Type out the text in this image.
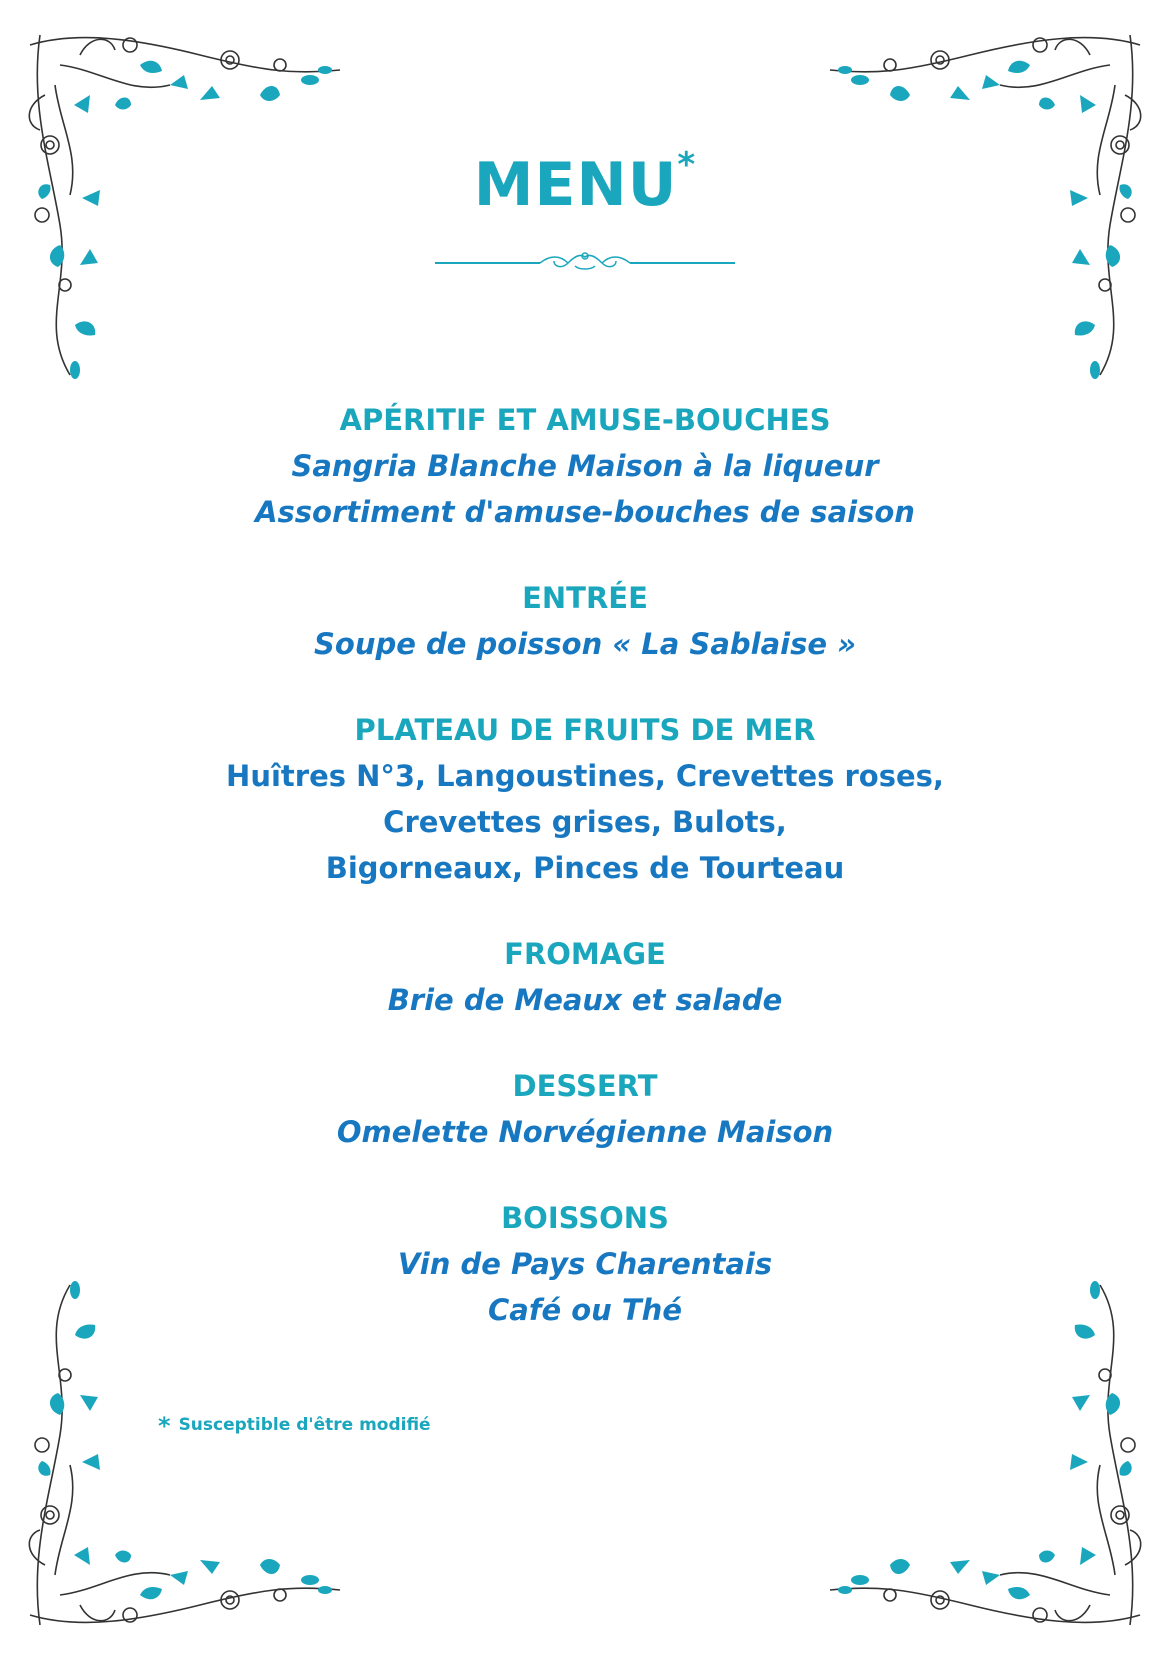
MENU*
APÉRITIF ET AMUSE-BOUCHES
Sangria Blanche Maison à la liqueur
Assortiment d'amuse-bouches de saison
ENTRÉE
Soupe de poisson « La Sablaise »
PLATEAU DE FRUITS DE MER
Huîtres N°3, Langoustines, Crevettes roses,
Crevettes grises, Bulots,
Bigorneaux, Pinces de Tourteau
FROMAGE
Brie de Meaux et salade
DESSERT
Omelette Norvégienne Maison
BOISSONS
Vin de Pays Charentais
Café ou Thé
* Susceptible d'être modifié
